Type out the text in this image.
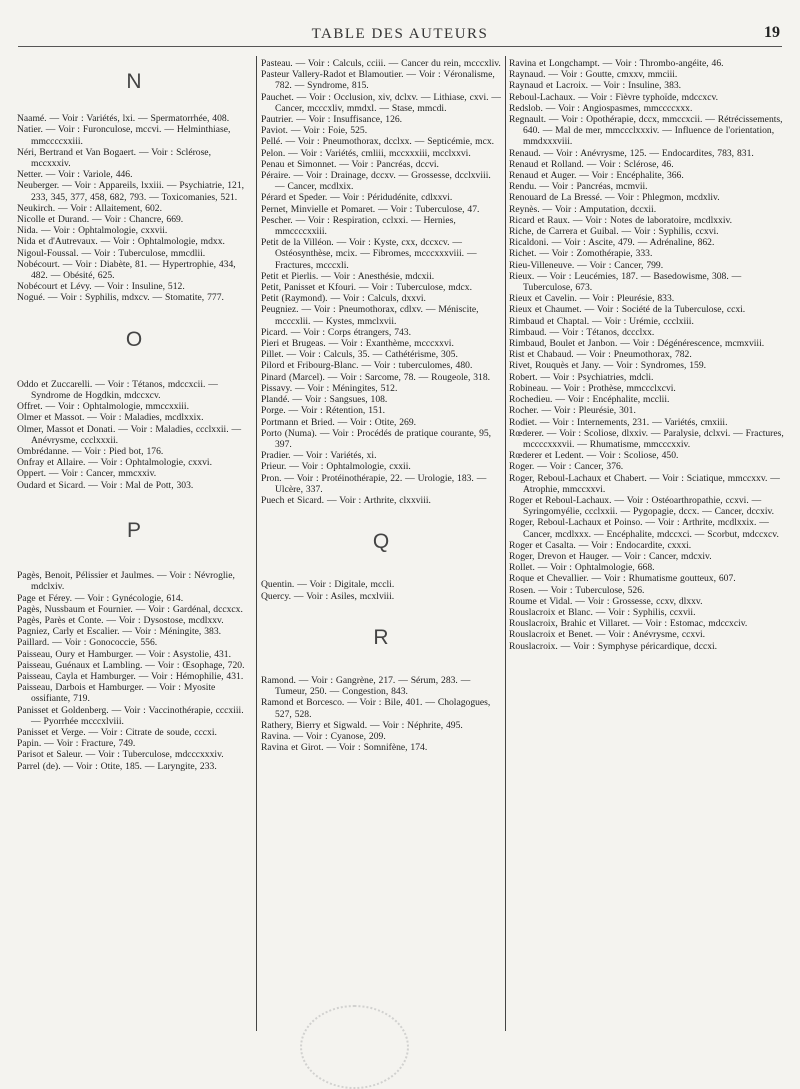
TABLE DES AUTEURS	19
N
Naamé. — Voir : Variétés, lxi. — Spermatorrhée, 408.
Natier. — Voir : Furonculose, mccvi. — Helminthiase, mmccccxxiii.
Néri, Bertrand et Van Bogaert. — Voir : Sclérose, mccxxxiv.
Netter. — Voir : Variole, 446.
Neuberger. — Voir : Appareils, lxxiii. — Psychiatrie, 121, 233, 345, 377, 458, 682, 793. — Toxicomanies, 521.
Neukirch. — Voir : Allaitement, 602.
Nicolle et Durand. — Voir : Chancre, 669.
Nida. — Voir : Ophtalmologie, cxxvii.
Nida et d'Autrevaux. — Voir : Ophtalmologie, mdxx.
Nigoul-Foussal. — Voir : Tuberculose, mmcdlii.
Nobécourt. — Voir : Diabète, 81. — Hypertrophie, 434, 482. — Obésité, 625.
Nobécourt et Lévy. — Voir : Insuline, 512.
Nogué. — Voir : Syphilis, mdxcv. — Stomatite, 777.
O
Oddo et Zuccarelli. — Voir : Tétanos, mdccxcii. — Syndrome de Hogdkin, mdccxcv.
Offret. — Voir : Ophtalmologie, mmccxxiii.
Olmer et Massot. — Voir : Maladies, mcdlxxix.
Olmer, Massot et Donati. — Voir : Maladies, ccclxxii. — Anévrysme, ccclxxxii.
Ombrédanne. — Voir : Pied bot, 176.
Onfray et Allaire. — Voir : Ophtalmologie, cxxvi.
Oppert. — Voir : Cancer, mmcxxiv.
Oudard et Sicard. — Voir : Mal de Pott, 303.
P
Pagès, Benoit, Pélissier et Jaulmes. — Voir : Névroglie, mdclxiv.
Page et Férey. — Voir : Gynécologie, 614.
Pagès, Nussbaum et Fournier. — Voir : Gardénal, dccxcx.
Pagès, Parès et Conte. — Voir : Dysostose, mcdlxxv.
Pagniez, Carly et Escalier. — Voir : Méningite, 383.
Paillard. — Voir : Gonococcie, 556.
Paisseau, Oury et Hamburger. — Voir : Asystolie, 431.
Paisseau, Guénaux et Lambling. — Voir : Œsophage, 720.
Paisseau, Cayla et Hamburger. — Voir : Hémophilie, 431.
Paisseau, Darbois et Hamburger. — Voir : Myosite ossifiante, 719.
Panisset et Goldenberg. — Voir : Vaccinothérapie, cccxiii. — Pyorrhée mcccxlviii.
Panisset et Verge. — Voir : Citrate de soude, cccxi.
Papin. — Voir : Fracture, 749.
Parisot et Saleur. — Voir : Tuberculose, mdcccxxxiv.
Parrel (de). — Voir : Otite, 185. — Laryngite, 233.
Pasteau. — Voir : Calculs, cciii. — Cancer du rein, mcccxliv.
Pasteur Vallery-Radot et Blamoutier. — Voir : Véronalisme, 782. — Syndrome, 815.
Pauchet. — Voir : Occlusion, xiv, dclxv. — Lithiase, cxvi. — Cancer, mcccxliv, mmdxl. — Stase, mmcdi.
Pautrier. — Voir : Insuffisance, 126.
Paviot. — Voir : Foie, 525.
Pellé. — Voir : Pneumothorax, dcclxx. — Septicémie, mcx.
Pelon. — Voir : Variétés, cmliii, mccxxxiii, mcclxxvi.
Penau et Simonnet. — Voir : Pancréas, dccvi.
Péraire. — Voir : Drainage, dccxv. — Grossesse, dcclxviii. — Cancer, mcdlxix.
Pérard et Speder. — Voir : Péridudénite, cdlxxvi.
Pernet, Minvielle et Pomaret. — Voir : Tuberculose, 47.
Pescher. — Voir : Respiration, cclxxi. — Hernies, mmccccxxiii.
Petit de la Villéon. — Voir : Kyste, cxx, dccxcv. — Ostéosynthèse, mcix. — Fibromes, mcccxxxviii. — Fractures, mcccxli.
Petit et Pierlis. — Voir : Anesthésie, mdcxii.
Petit, Panisset et Kfouri. — Voir : Tuberculose, mdcx.
Petit (Raymond). — Voir : Calculs, dxxvi.
Peugniez. — Voir : Pneumothorax, cdlxv. — Méniscite, mcccxlii. — Kystes, mmclxvii.
Picard. — Voir : Corps étrangers, 743.
Pieri et Brugeas. — Voir : Exanthème, mcccxxvi.
Pillet. — Voir : Calculs, 35. — Cathétérisme, 305.
Pilord et Fribourg-Blanc. — Voir : tuberculomes, 480.
Pinard (Marcel). — Voir : Sarcome, 78. — Rougeole, 318.
Pissavy. — Voir : Méningites, 512.
Plandé. — Voir : Sangsues, 108.
Porge. — Voir : Rétention, 151.
Portmann et Bried. — Voir : Otite, 269.
Porto (Numa). — Voir : Procédés de pratique courante, 95, 397.
Pradier. — Voir : Variétés, xi.
Prieur. — Voir : Ophtalmologie, cxxii.
Pron. — Voir : Protéinothérapie, 22. — Urologie, 183. — Ulcère, 337.
Puech et Sicard. — Voir : Arthrite, clxxviii.
Q
Quentin. — Voir : Digitale, mccli.
Quercy. — Voir : Asiles, mcxlviii.
R
Ramond. — Voir : Gangrène, 217. — Sérum, 283. — Tumeur, 250. — Congestion, 843.
Ramond et Borcesco. — Voir : Bile, 401. — Cholagogues, 527, 528.
Rathery, Bierry et Sigwald. — Voir : Néphrite, 495.
Ravina. — Voir : Cyanose, 209.
Ravina et Girot. — Voir : Somnifène, 174.
Ravina et Longchampt. — Voir : Thrombo-angéite, 46.
Raynaud. — Voir : Goutte, cmxxv, mmciii.
Raynaud et Lacroix. — Voir : Insuline, 383.
Reboul-Lachaux. — Voir : Fièvre typhoïde, mdccxcv.
Redslob. — Voir : Angiospasmes, mmccccxxx.
Regnault. — Voir : Opothérapie, dccx, mmccxcii. — Rétrécissements, 640. — Mal de mer, mmccclxxxiv. — Influence de l'orientation, mmdxxxviii.
Renaud. — Voir : Anévrysme, 125. — Endocardites, 783, 831.
Renaud et Rolland. — Voir : Sclérose, 46.
Renaud et Auger. — Voir : Encéphalite, 366.
Rendu. — Voir : Pancréas, mcmvii.
Renouard de La Bressé. — Voir : Phlegmon, mcdxliv.
Reynès. — Voir : Amputation, dccxii.
Ricard et Raux. — Voir : Notes de laboratoire, mcdlxxiv.
Riche, de Carrera et Guibal. — Voir : Syphilis, ccxvi.
Ricaldoni. — Voir : Ascite, 479. — Adrénaline, 862.
Richet. — Voir : Zomothérapie, 333.
Rieu-Villeneuve. — Voir : Cancer, 799.
Rieux. — Voir : Leucémies, 187. — Basedowisme, 308. — Tuberculose, 673.
Rieux et Cavelin. — Voir : Pleurésie, 833.
Rieux et Chaumet. — Voir : Société de la Tuberculose, ccxi.
Rimbaud et Chaptal. — Voir : Urémie, ccclxiii.
Rimbaud. — Voir : Tétanos, dccclxx.
Rimbaud, Boulet et Janbon. — Voir : Dégénérescence, mcmxviii.
Rist et Chabaud. — Voir : Pneumothorax, 782.
Rivet, Rouquès et Jany. — Voir : Syndromes, 159.
Robert. — Voir : Psychiatries, mdcli.
Robineau. — Voir : Prothèse, mmccclxcvi.
Rochedieu. — Voir : Encéphalite, mcclii.
Rocher. — Voir : Pleurésie, 301.
Rodiet. — Voir : Internements, 231. — Variétés, cmxiii.
Rœderer. — Voir : Scoliose, dlxxiv. — Paralysie, dclxvi. — Fractures, mccccxxxvii. — Rhumatisme, mmcccxxiv.
Rœderer et Ledent. — Voir : Scoliose, 450.
Roger. — Voir : Cancer, 376.
Roger, Reboul-Lachaux et Chabert. — Voir : Sciatique, mmccxxv. — Atrophie, mmccxxvi.
Roger et Reboul-Lachaux. — Voir : Ostéoarthropathie, ccxvi. — Syringomyélie, ccclxxii. — Pygopagie, dccx. — Cancer, dccxiv.
Roger, Reboul-Lachaux et Poinso. — Voir : Arthrite, mcdlxxix. — Cancer, mcdlxxx. — Encéphalite, mdccxci. — Scorbut, mdccxcv.
Roger et Casalta. — Voir : Endocardite, cxxxi.
Roger, Drevon et Hauger. — Voir : Cancer, mdcxiv.
Rollet. — Voir : Ophtalmologie, 668.
Roque et Chevallier. — Voir : Rhumatisme goutteux, 607.
Rosen. — Voir : Tuberculose, 526.
Roume et Vidal. — Voir : Grossesse, ccxv, dlxxv.
Rouslacroix et Blanc. — Voir : Syphilis, ccxvii.
Rouslacroix, Brahic et Villaret. — Voir : Estomac, mdccxciv.
Rouslacroix et Benet. — Voir : Anévrysme, ccxvi.
Rouslacroix. — Voir : Symphyse péricardique, dccxi.
